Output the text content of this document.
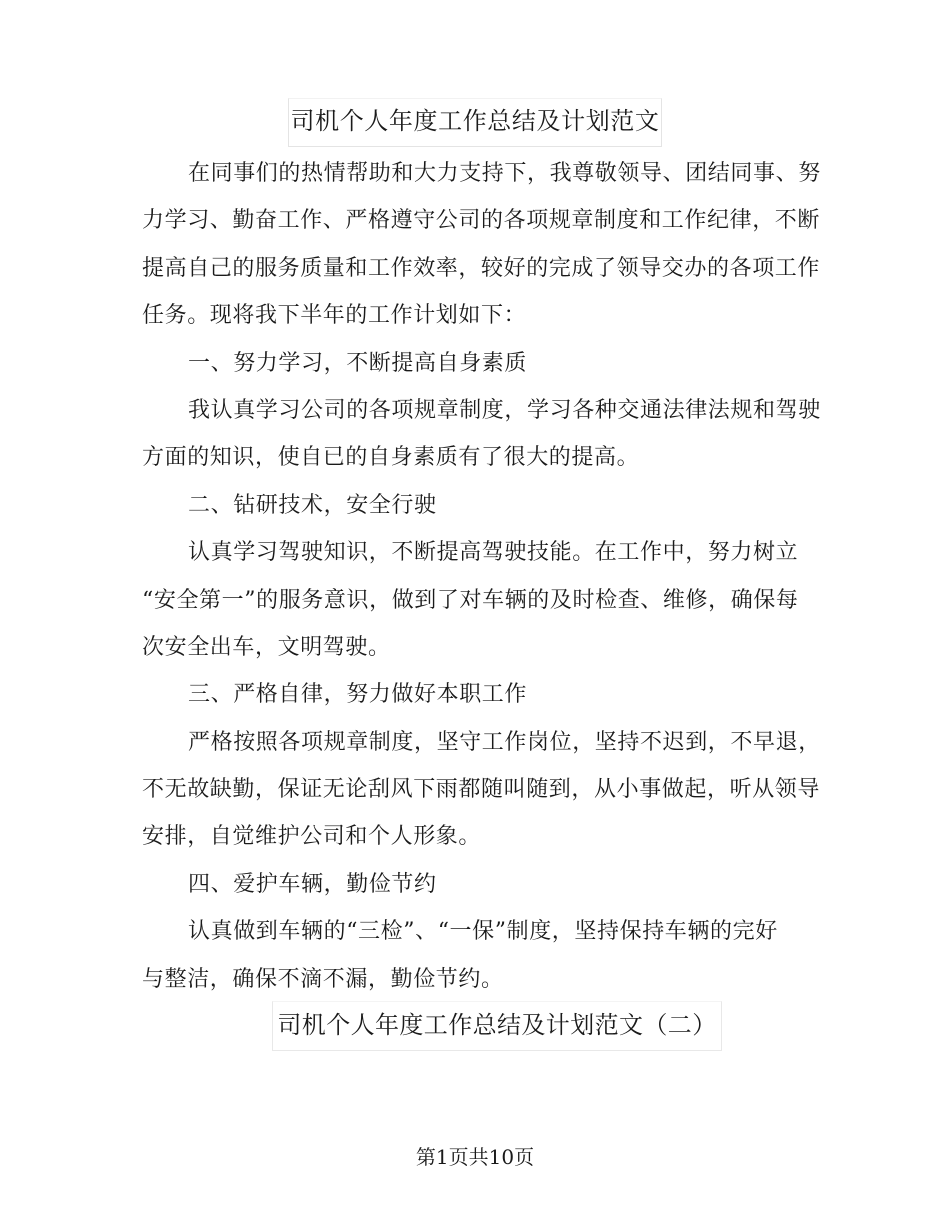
司机个人年度工作总结及计划范文
在同事们的热情帮助和大力支持下，我尊敬领导、团结同事、努
力学习、勤奋工作、严格遵守公司的各项规章制度和工作纪律，不断
提高自己的服务质量和工作效率，较好的完成了领导交办的各项工作
任务。现将我下半年的工作计划如下：
一、努力学习，不断提高自身素质
我认真学习公司的各项规章制度，学习各种交通法律法规和驾驶
方面的知识，使自已的自身素质有了很大的提高。
二、钻研技术，安全行驶
认真学习驾驶知识，不断提高驾驶技能。在工作中，努力树立
“安全第一”的服务意识，做到了对车辆的及时检查、维修，确保每
次安全出车，文明驾驶。
三、严格自律，努力做好本职工作
严格按照各项规章制度，坚守工作岗位，坚持不迟到，不早退，
不无故缺勤，保证无论刮风下雨都随叫随到，从小事做起，听从领导
安排，自觉维护公司和个人形象。
四、爱护车辆，勤俭节约
认真做到车辆的“三检”、“一保”制度，坚持保持车辆的完好
与整洁，确保不滴不漏，勤俭节约。
司机个人年度工作总结及计划范文（二）
第1页共10页
